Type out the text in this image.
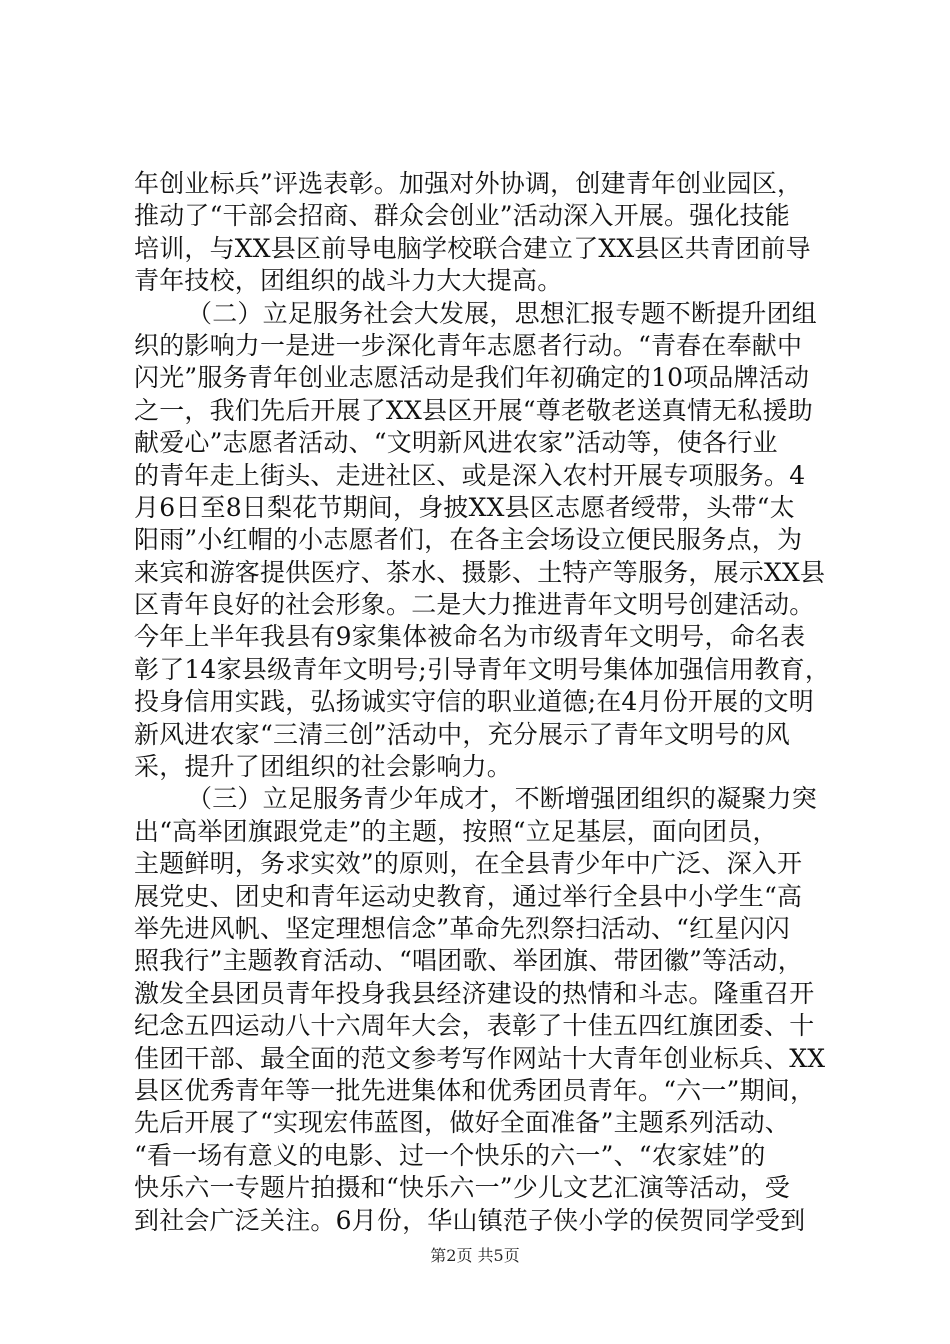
年创业标兵”评选表彰。加强对外协调，创建青年创业园区，
推动了“干部会招商、群众会创业”活动深入开展。强化技能
培训，与XX县区前导电脑学校联合建立了XX县区共青团前导
青年技校，团组织的战斗力大大提高。
（二）立足服务社会大发展，思想汇报专题不断提升团组
织的影响力一是进一步深化青年志愿者行动。“青春在奉献中
闪光”服务青年创业志愿活动是我们年初确定的10项品牌活动
之一，我们先后开展了XX县区开展“尊老敬老送真情无私援助
献爱心”志愿者活动、“文明新风进农家”活动等，使各行业
的青年走上街头、走进社区、或是深入农村开展专项服务。4
月6日至8日梨花节期间，身披XX县区志愿者绶带，头带“太
阳雨”小红帽的小志愿者们，在各主会场设立便民服务点，为
来宾和游客提供医疗、茶水、摄影、土特产等服务，展示XX县
区青年良好的社会形象。二是大力推进青年文明号创建活动。
今年上半年我县有9家集体被命名为市级青年文明号，命名表
彰了14家县级青年文明号;引导青年文明号集体加强信用教育，
投身信用实践，弘扬诚实守信的职业道德;在4月份开展的文明
新风进农家“三清三创”活动中，充分展示了青年文明号的风
采，提升了团组织的社会影响力。
（三）立足服务青少年成才，不断增强团组织的凝聚力突
出“高举团旗跟党走”的主题，按照“立足基层，面向团员，
主题鲜明，务求实效”的原则，在全县青少年中广泛、深入开
展党史、团史和青年运动史教育，通过举行全县中小学生“高
举先进风帆、坚定理想信念”革命先烈祭扫活动、“红星闪闪
照我行”主题教育活动、“唱团歌、举团旗、带团徽”等活动，
激发全县团员青年投身我县经济建设的热情和斗志。隆重召开
纪念五四运动八十六周年大会，表彰了十佳五四红旗团委、十
佳团干部、最全面的范文参考写作网站十大青年创业标兵、XX
县区优秀青年等一批先进集体和优秀团员青年。“六一”期间，
先后开展了“实现宏伟蓝图，做好全面准备”主题系列活动、
“看一场有意义的电影、过一个快乐的六一”、“农家娃”的
快乐六一专题片拍摄和“快乐六一”少儿文艺汇演等活动，受
到社会广泛关注。6月份，华山镇范子侠小学的侯贺同学受到
第2页 共5页
